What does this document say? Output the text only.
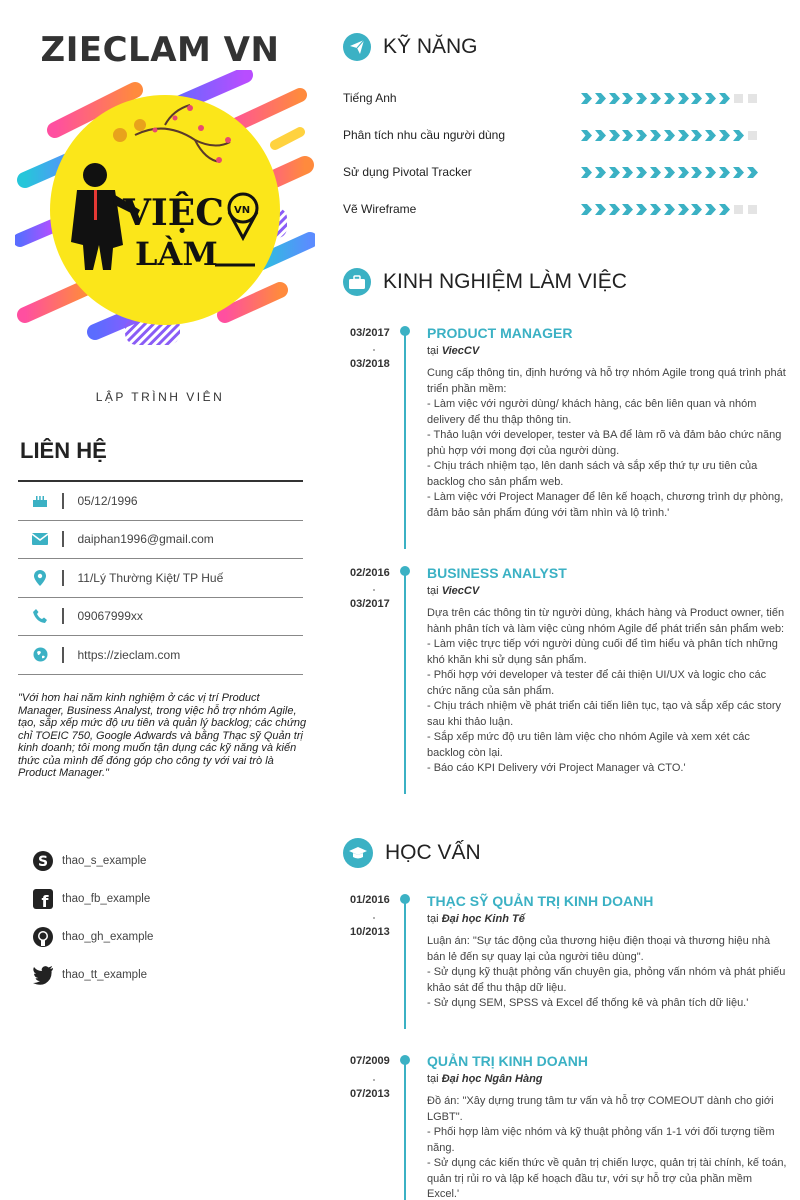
ZIECLAM VN
VIỆC
LÀM
VN
LẬP TRÌNH VIÊN
LIÊN HỆ
05/12/1996
daiphan1996@gmail.com
11/Lý Thường Kiệt/ TP Huế
09067999xx
https://zieclam.com
"Với hơn hai năm kinh nghiệm ở các vị trí Product Manager, Business Analyst, trong việc hỗ trợ nhóm Agile, tạo, sắp xếp mức độ ưu tiên và quản lý backlog; các chứng chỉ TOEIC 750, Google Adwards và bằng Thạc sỹ Quản trị kinh doanh; tôi mong muốn tận dụng các kỹ năng và kiến thức của mình để đóng góp cho công ty với vai trò là Product Manager."
S thao_s_example
f thao_fb_example
thao_gh_example
thao_tt_example
KỸ NĂNG
Tiếng Anh
Phân tích nhu cầu người dùng
Sử dụng Pivotal Tracker
Vẽ Wireframe
KINH NGHIỆM LÀM VIỆC
03/2017
03/2018
PRODUCT MANAGER
tại ViecCV
Cung cấp thông tin, định hướng và hỗ trợ nhóm Agile trong quá trình phát triển phần mềm:
- Làm việc với người dùng/ khách hàng, các bên liên quan và nhóm delivery để thu thập thông tin.
- Thảo luận với developer, tester và BA để làm rõ và đảm bảo chức năng phù hợp với mong đợi của người dùng.
- Chịu trách nhiệm tạo, lên danh sách và sắp xếp thứ tự ưu tiên của backlog cho sản phẩm web.
- Làm việc với Project Manager để lên kế hoạch, chương trình dự phòng, đảm bảo sản phẩm đúng với tầm nhìn và lộ trình.'
02/2016
03/2017
BUSINESS ANALYST
tại ViecCV
Dựa trên các thông tin từ người dùng, khách hàng và Product owner, tiến hành phân tích và làm việc cùng nhóm Agile để phát triển sản phẩm web:
- Làm việc trực tiếp với người dùng cuối để tìm hiểu và phân tích những khó khăn khi sử dụng sản phẩm.
- Phối hợp với developer và tester để cải thiện UI/UX và logic cho các chức năng của sản phẩm.
- Chịu trách nhiệm về phát triển cải tiến liên tục, tạo và sắp xếp các story sau khi thảo luận.
- Sắp xếp mức độ ưu tiên làm việc cho nhóm Agile và xem xét các backlog còn lại.
- Báo cáo KPI Delivery với Project Manager và CTO.'
HỌC VẤN
01/2016
10/2013
THẠC SỸ QUẢN TRỊ KINH DOANH
tại Đại học Kinh Tế
Luận án: "Sự tác động của thương hiệu điện thoại và thương hiệu nhà bán lẻ đến sự quay lại của người tiêu dùng".
- Sử dụng kỹ thuật phỏng vấn chuyên gia, phỏng vấn nhóm và phát phiếu khảo sát để thu thập dữ liệu.
- Sử dụng SEM, SPSS và Excel để thống kê và phân tích dữ liệu.'
07/2009
07/2013
QUẢN TRỊ KINH DOANH
tại Đại học Ngân Hàng
Đồ án: "Xây dựng trung tâm tư vấn và hỗ trợ COMEOUT dành cho giới LGBT".
- Phối hợp làm việc nhóm và kỹ thuật phỏng vấn 1-1 với đối tượng tiềm năng.
- Sử dụng các kiến thức về quản trị chiến lược, quản trị tài chính, kế toán, quản trị rủi ro và lập kế hoạch đầu tư, với sự hỗ trợ của phần mềm Excel.'
